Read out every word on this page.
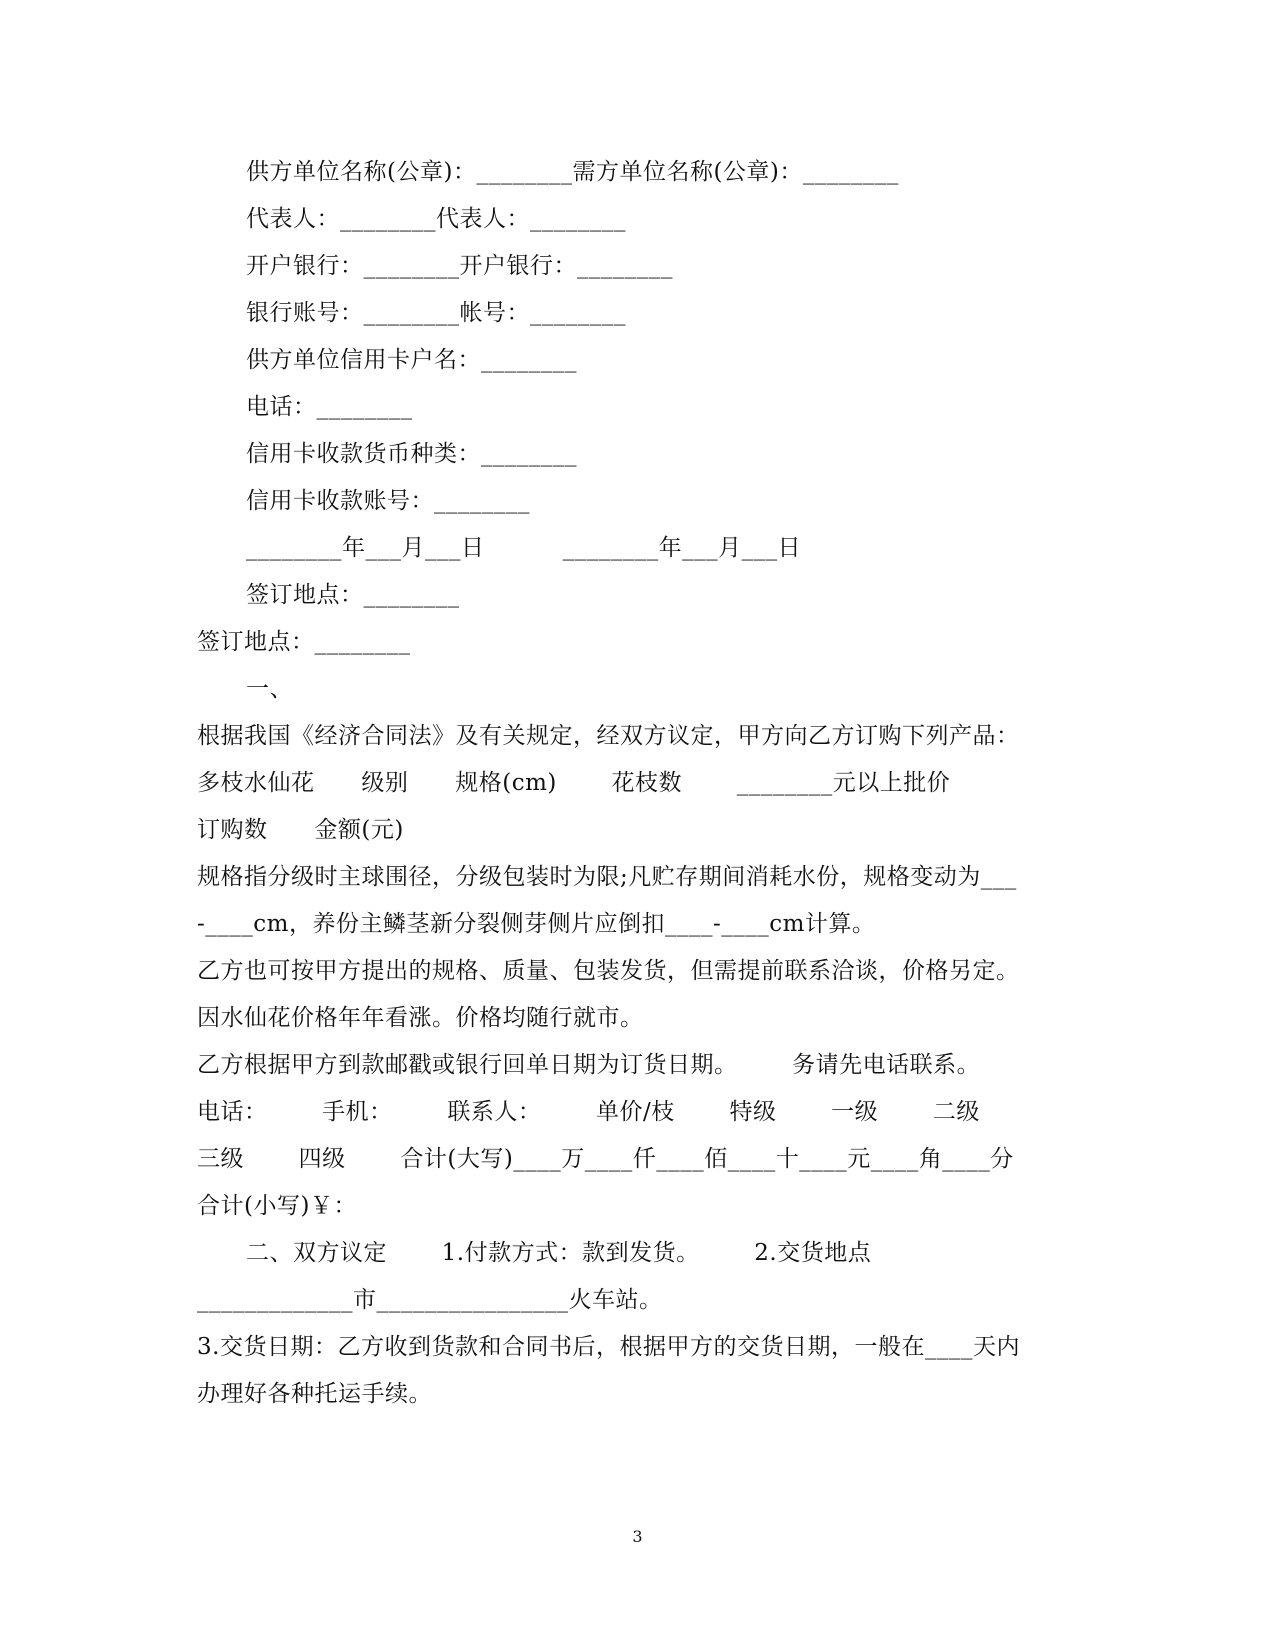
供方单位名称(公章)：________需方单位名称(公章)：________
代表人：________代表人：________
开户银行：________开户银行：________
银行账号：________帐号：________
供方单位信用卡户名：________
电话：________
信用卡收款货币种类：________
信用卡收款账号：________
________年___月___日          ________年___月___日
签订地点：________
签订地点：________
一、
根据我国《经济合同法》及有关规定，经双方议定，甲方向乙方订购下列产品：
多枝水仙花      级别      规格(cm)       花枝数       ________元以上批价
订购数      金额(元)
规格指分级时主球围径，分级包装时为限;凡贮存期间消耗水份，规格变动为___
-____cm，养份主鳞茎新分裂侧芽侧片应倒扣____-____cm计算。
乙方也可按甲方提出的规格、质量、包装发货，但需提前联系洽谈，价格另定。
因水仙花价格年年看涨。价格均随行就市。
乙方根据甲方到款邮戳或银行回单日期为订货日期。       务请先电话联系。
电话：       手机：       联系人：       单价/枝       特级       一级       二级
三级       四级       合计(大写)____万____仟____佰____十____元____角____分
合计(小写)￥：
二、双方议定       1.付款方式：款到发货。       2.交货地点
_____________市________________火车站。
3.交货日期：乙方收到货款和合同书后，根据甲方的交货日期，一般在____天内
办理好各种托运手续。
3
